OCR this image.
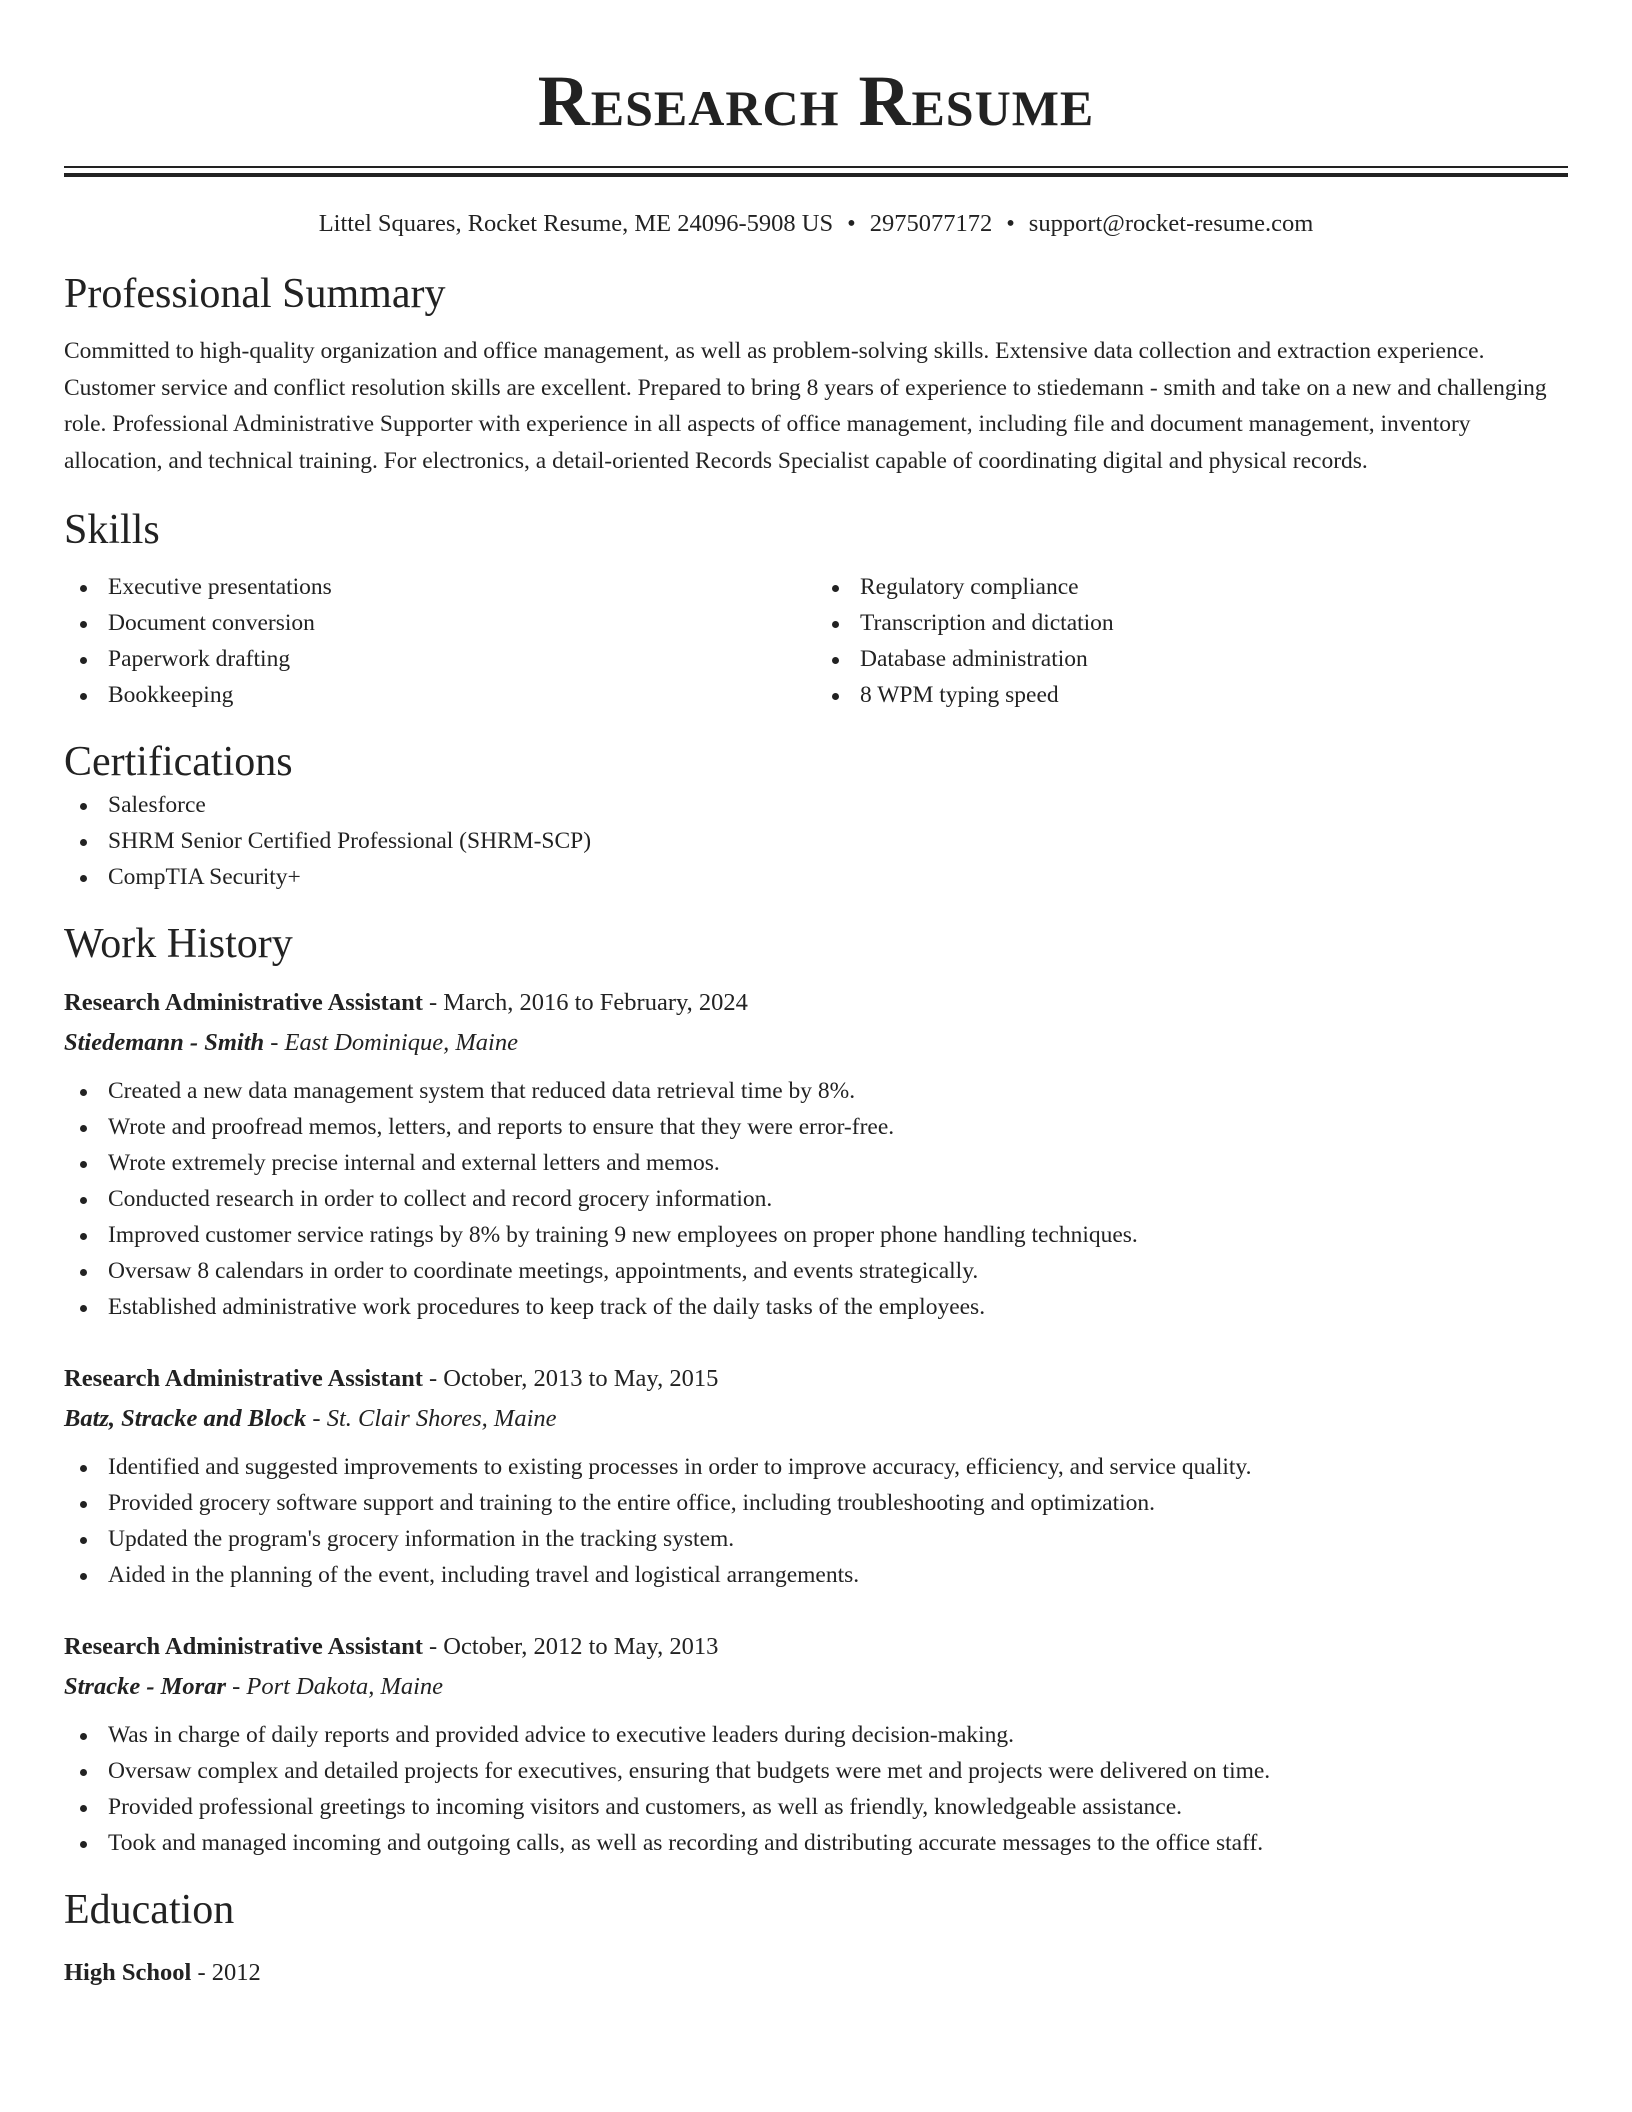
Research Resume
Littel Squares, Rocket Resume, ME 24096-5908 US • 2975077172 • support@rocket-resume.com
Professional Summary

Committed to high-quality organization and office management, as well as problem-solving skills. Extensive data collection and extraction experience. Customer service and conflict resolution skills are excellent. Prepared to bring 8 years of experience to stiedemann - smith and take on a new and challenging role. Professional Administrative Supporter with experience in all aspects of office management, including file and document management, inventory allocation, and technical training. For electronics, a detail-oriented Records Specialist capable of coordinating digital and physical records.

Skills
Executive presentations
Document conversion
Paperwork drafting
Bookkeeping
Regulatory compliance
Transcription and dictation
Database administration
8 WPM typing speed
Certifications
Salesforce
SHRM Senior Certified Professional (SHRM-SCP)
CompTIA Security+
Work History
Research Administrative Assistant - March, 2016 to February, 2024
Stiedemann - Smith - East Dominique, Maine
Created a new data management system that reduced data retrieval time by 8%.
Wrote and proofread memos, letters, and reports to ensure that they were error-free.
Wrote extremely precise internal and external letters and memos.
Conducted research in order to collect and record grocery information.
Improved customer service ratings by 8% by training 9 new employees on proper phone handling techniques.
Oversaw 8 calendars in order to coordinate meetings, appointments, and events strategically.
Established administrative work procedures to keep track of the daily tasks of the employees.
Research Administrative Assistant - October, 2013 to May, 2015
Batz, Stracke and Block - St. Clair Shores, Maine
Identified and suggested improvements to existing processes in order to improve accuracy, efficiency, and service quality.
Provided grocery software support and training to the entire office, including troubleshooting and optimization.
Updated the program's grocery information in the tracking system.
Aided in the planning of the event, including travel and logistical arrangements.
Research Administrative Assistant - October, 2012 to May, 2013
Stracke - Morar - Port Dakota, Maine
Was in charge of daily reports and provided advice to executive leaders during decision-making.
Oversaw complex and detailed projects for executives, ensuring that budgets were met and projects were delivered on time.
Provided professional greetings to incoming visitors and customers, as well as friendly, knowledgeable assistance.
Took and managed incoming and outgoing calls, as well as recording and distributing accurate messages to the office staff.
Education
High School - 2012
